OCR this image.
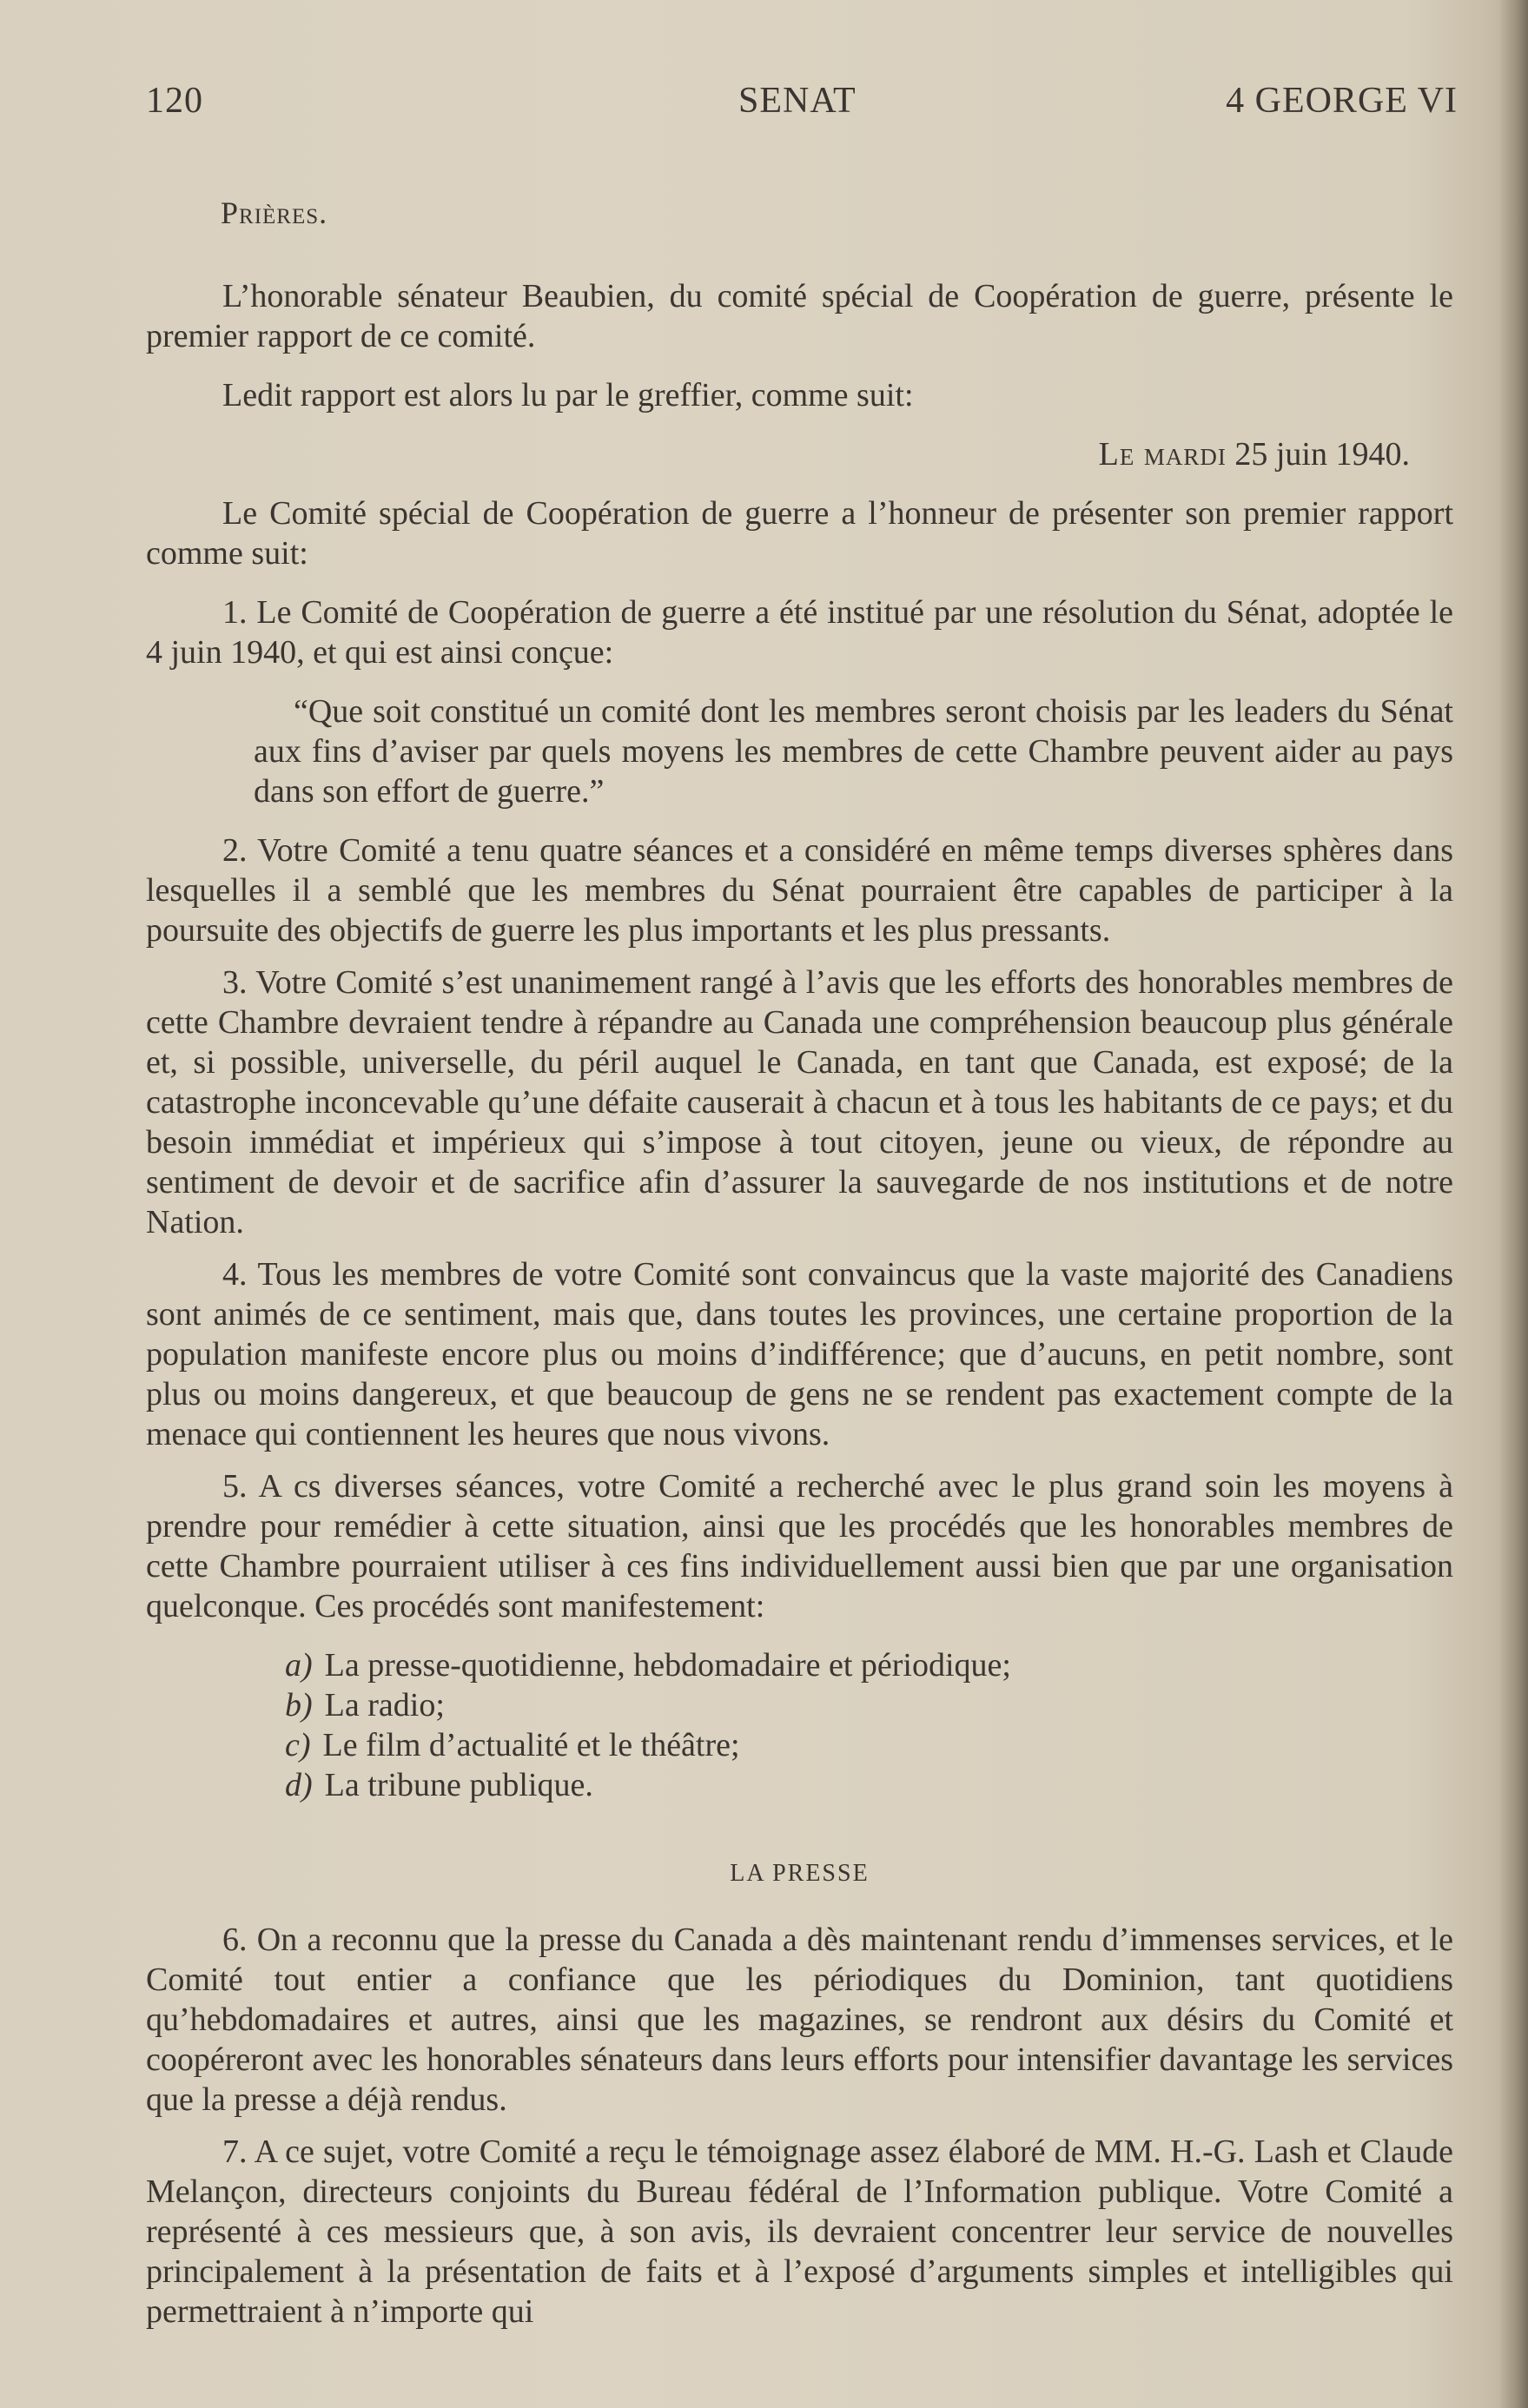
120	SENAT	4 GEORGE VI

Prières.

L’honorable sénateur Beaubien, du comité spécial de Coopération de guerre, présente le premier rapport de ce comité.

Ledit rapport est alors lu par le greffier, comme suit:

Le mardi 25 juin 1940.

Le Comité spécial de Coopération de guerre a l’honneur de présenter son premier rapport comme suit:

1. Le Comité de Coopération de guerre a été institué par une résolution du Sénat, adoptée le 4 juin 1940, et qui est ainsi conçue:

“Que soit constitué un comité dont les membres seront choisis par les leaders du Sénat aux fins d’aviser par quels moyens les membres de cette Chambre peuvent aider au pays dans son effort de guerre.”

2. Votre Comité a tenu quatre séances et a considéré en même temps diverses sphères dans lesquelles il a semblé que les membres du Sénat pourraient être capables de participer à la poursuite des objectifs de guerre les plus importants et les plus pressants.

3. Votre Comité s’est unanimement rangé à l’avis que les efforts des honorables membres de cette Chambre devraient tendre à répandre au Canada une compréhension beaucoup plus générale et, si possible, universelle, du péril auquel le Canada, en tant que Canada, est exposé; de la catastrophe inconcevable qu’une défaite causerait à chacun et à tous les habitants de ce pays; et du besoin immédiat et impérieux qui s’impose à tout citoyen, jeune ou vieux, de répondre au sentiment de devoir et de sacrifice afin d’assurer la sauvegarde de nos institutions et de notre Nation.

4. Tous les membres de votre Comité sont convaincus que la vaste majorité des Canadiens sont animés de ce sentiment, mais que, dans toutes les provinces, une certaine proportion de la population manifeste encore plus ou moins d’indifférence; que d’aucuns, en petit nombre, sont plus ou moins dangereux, et que beaucoup de gens ne se rendent pas exactement compte de la menace qui contiennent les heures que nous vivons.

5. A cs diverses séances, votre Comité a recherché avec le plus grand soin les moyens à prendre pour remédier à cette situation, ainsi que les procédés que les honorables membres de cette Chambre pourraient utiliser à ces fins individuellement aussi bien que par une organisation quelconque. Ces procédés sont manifestement:

a) La presse-quotidienne, hebdomadaire et périodique;
b) La radio;
c) Le film d’actualité et le théâtre;
d) La tribune publique.

LA PRESSE

6. On a reconnu que la presse du Canada a dès maintenant rendu d’immenses services, et le Comité tout entier a confiance que les périodiques du Dominion, tant quotidiens qu’hebdomadaires et autres, ainsi que les magazines, se rendront aux désirs du Comité et coopéreront avec les honorables sénateurs dans leurs efforts pour intensifier davantage les services que la presse a déjà rendus.

7. A ce sujet, votre Comité a reçu le témoignage assez élaboré de MM. H.-G. Lash et Claude Melançon, directeurs conjoints du Bureau fédéral de l’Information publique. Votre Comité a représenté à ces messieurs que, à son avis, ils devraient concentrer leur service de nouvelles principalement à la présentation de faits et à l’exposé d’arguments simples et intelligibles qui permettraient à n’importe qui
